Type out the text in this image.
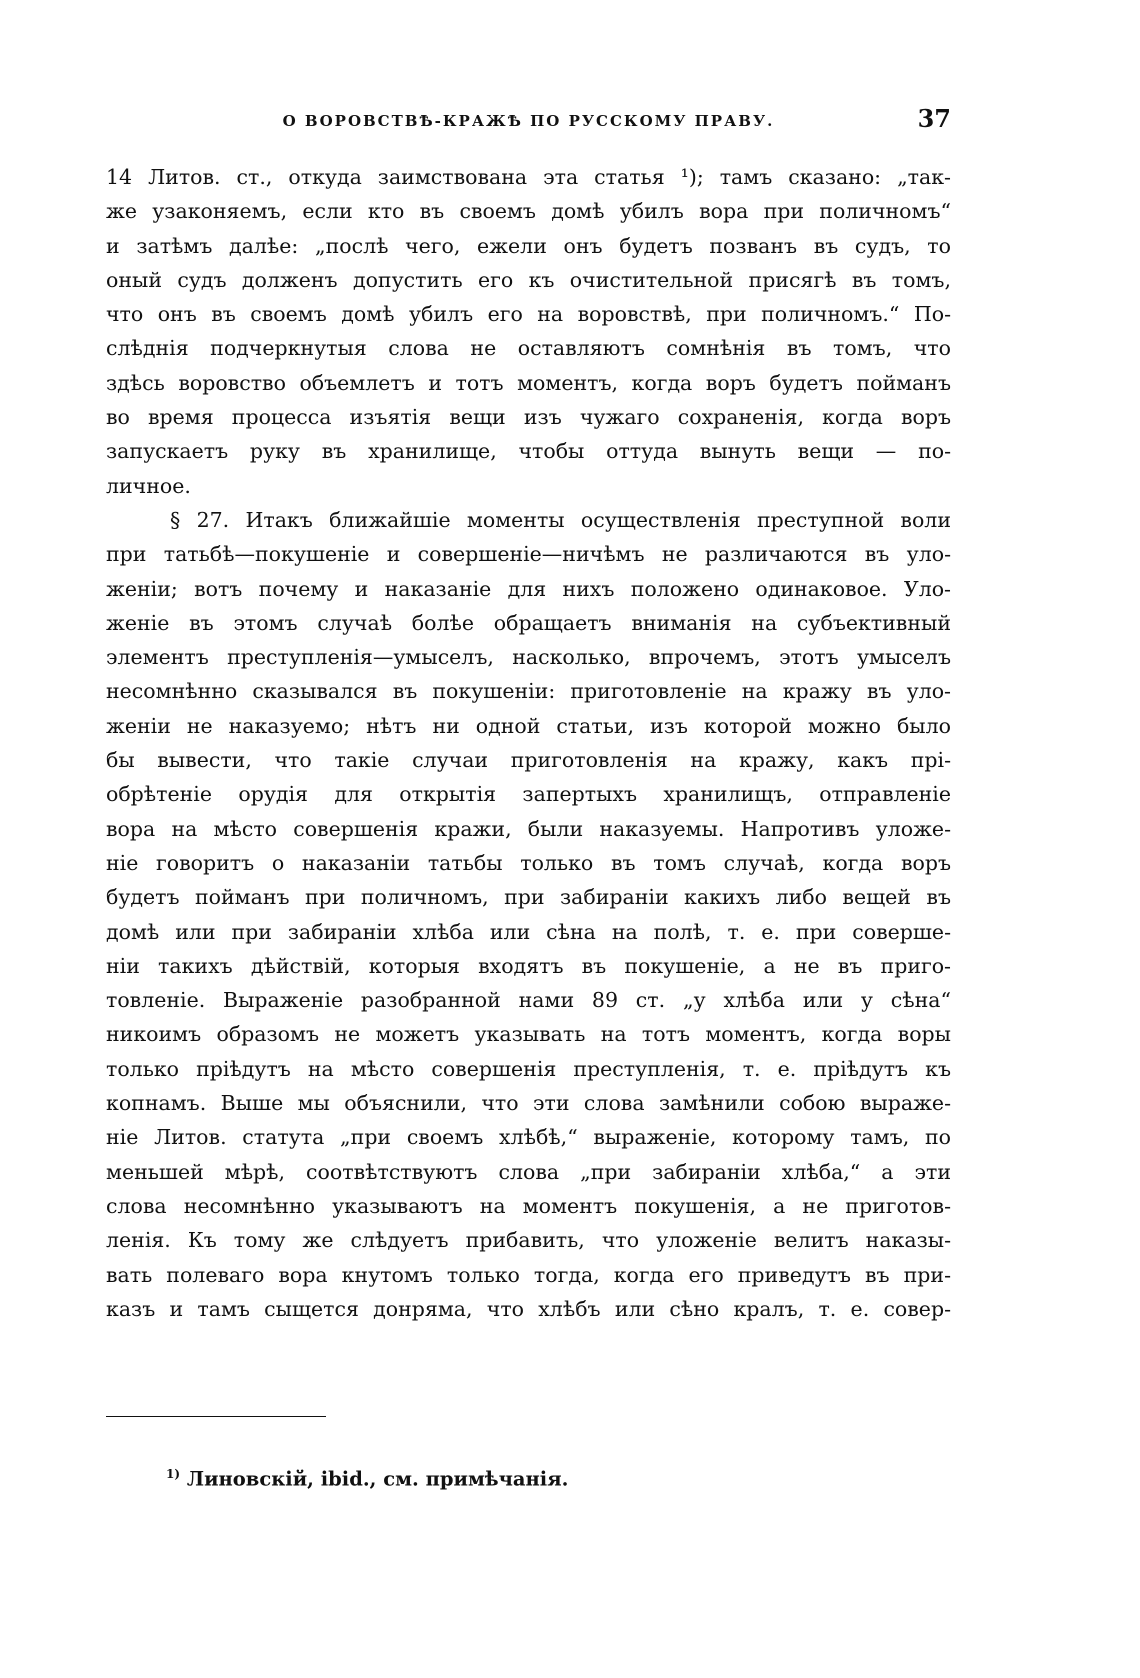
О ВОРОВСТВѢ-КРАЖѢ ПО РУССКОМУ ПРАВУ.	37
14 Литов. ст., откуда заимствована эта статья ¹); тамъ сказано: „так-
же узаконяемъ, если кто въ своемъ домѣ убилъ вора при поличномъ“
и затѣмъ далѣе: „послѣ чего, ежели онъ будетъ позванъ въ судъ, то
оный судъ долженъ допустить его къ очистительной присягѣ въ томъ,
что онъ въ своемъ домѣ убилъ его на воровствѣ, при поличномъ.“ По-
слѣднія подчеркнутыя слова не оставляютъ сомнѣнія въ томъ, что
здѣсь воровство объемлетъ и тотъ моментъ, когда воръ будетъ пойманъ
во время процесса изъятія вещи изъ чужаго сохраненія, когда воръ
запускаетъ руку въ хранилище, чтобы оттуда вынуть вещи — по-
личное.
§ 27. Итакъ ближайшіе моменты осуществленія преступной воли
при татьбѣ—покушеніе и совершеніе—ничѣмъ не различаются въ уло-
женіи; вотъ почему и наказаніе для нихъ положено одинаковое. Уло-
женіе въ этомъ случаѣ болѣе обращаетъ вниманія на субъективный
элементъ преступленія—умыселъ, насколько, впрочемъ, этотъ умыселъ
несомнѣнно сказывался въ покушеніи: приготовленіе на кражу въ уло-
женіи не наказуемо; нѣтъ ни одной статьи, изъ которой можно было
бы вывести, что такіе случаи приготовленія на кражу, какъ прі-
обрѣтеніе орудія для открытія запертыхъ хранилищъ, отправленіе
вора на мѣсто совершенія кражи, были наказуемы. Напротивъ уложе-
ніе говоритъ о наказаніи татьбы только въ томъ случаѣ, когда воръ
будетъ пойманъ при поличномъ, при забираніи какихъ либо вещей въ
домѣ или при забираніи хлѣба или сѣна на полѣ, т. е. при соверше-
ніи такихъ дѣйствій, которыя входятъ въ покушеніе, а не въ приго-
товленіе. Выраженіе разобранной нами 89 ст. „у хлѣба или у сѣна“
никоимъ образомъ не можетъ указывать на тотъ моментъ, когда воры
только пріѣдутъ на мѣсто совершенія преступленія, т. е. пріѣдутъ къ
копнамъ. Выше мы объяснили, что эти слова замѣнили собою выраже-
ніе Литов. статута „при своемъ хлѣбѣ,“ выраженіе, которому тамъ, по
меньшей мѣрѣ, соотвѣтствуютъ слова „при забираніи хлѣба,“ а эти
слова несомнѣнно указываютъ на моментъ покушенія, а не приготов-
ленія. Къ тому же слѣдуетъ прибавить, что уложеніе велитъ наказы-
вать полеваго вора кнутомъ только тогда, когда его приведутъ въ при-
казъ и тамъ сыщется донрямa, что хлѣбъ или сѣно кралъ, т. е. совер-
$^{1)}$ Линовскій, ibid., см. примѣчанія.
